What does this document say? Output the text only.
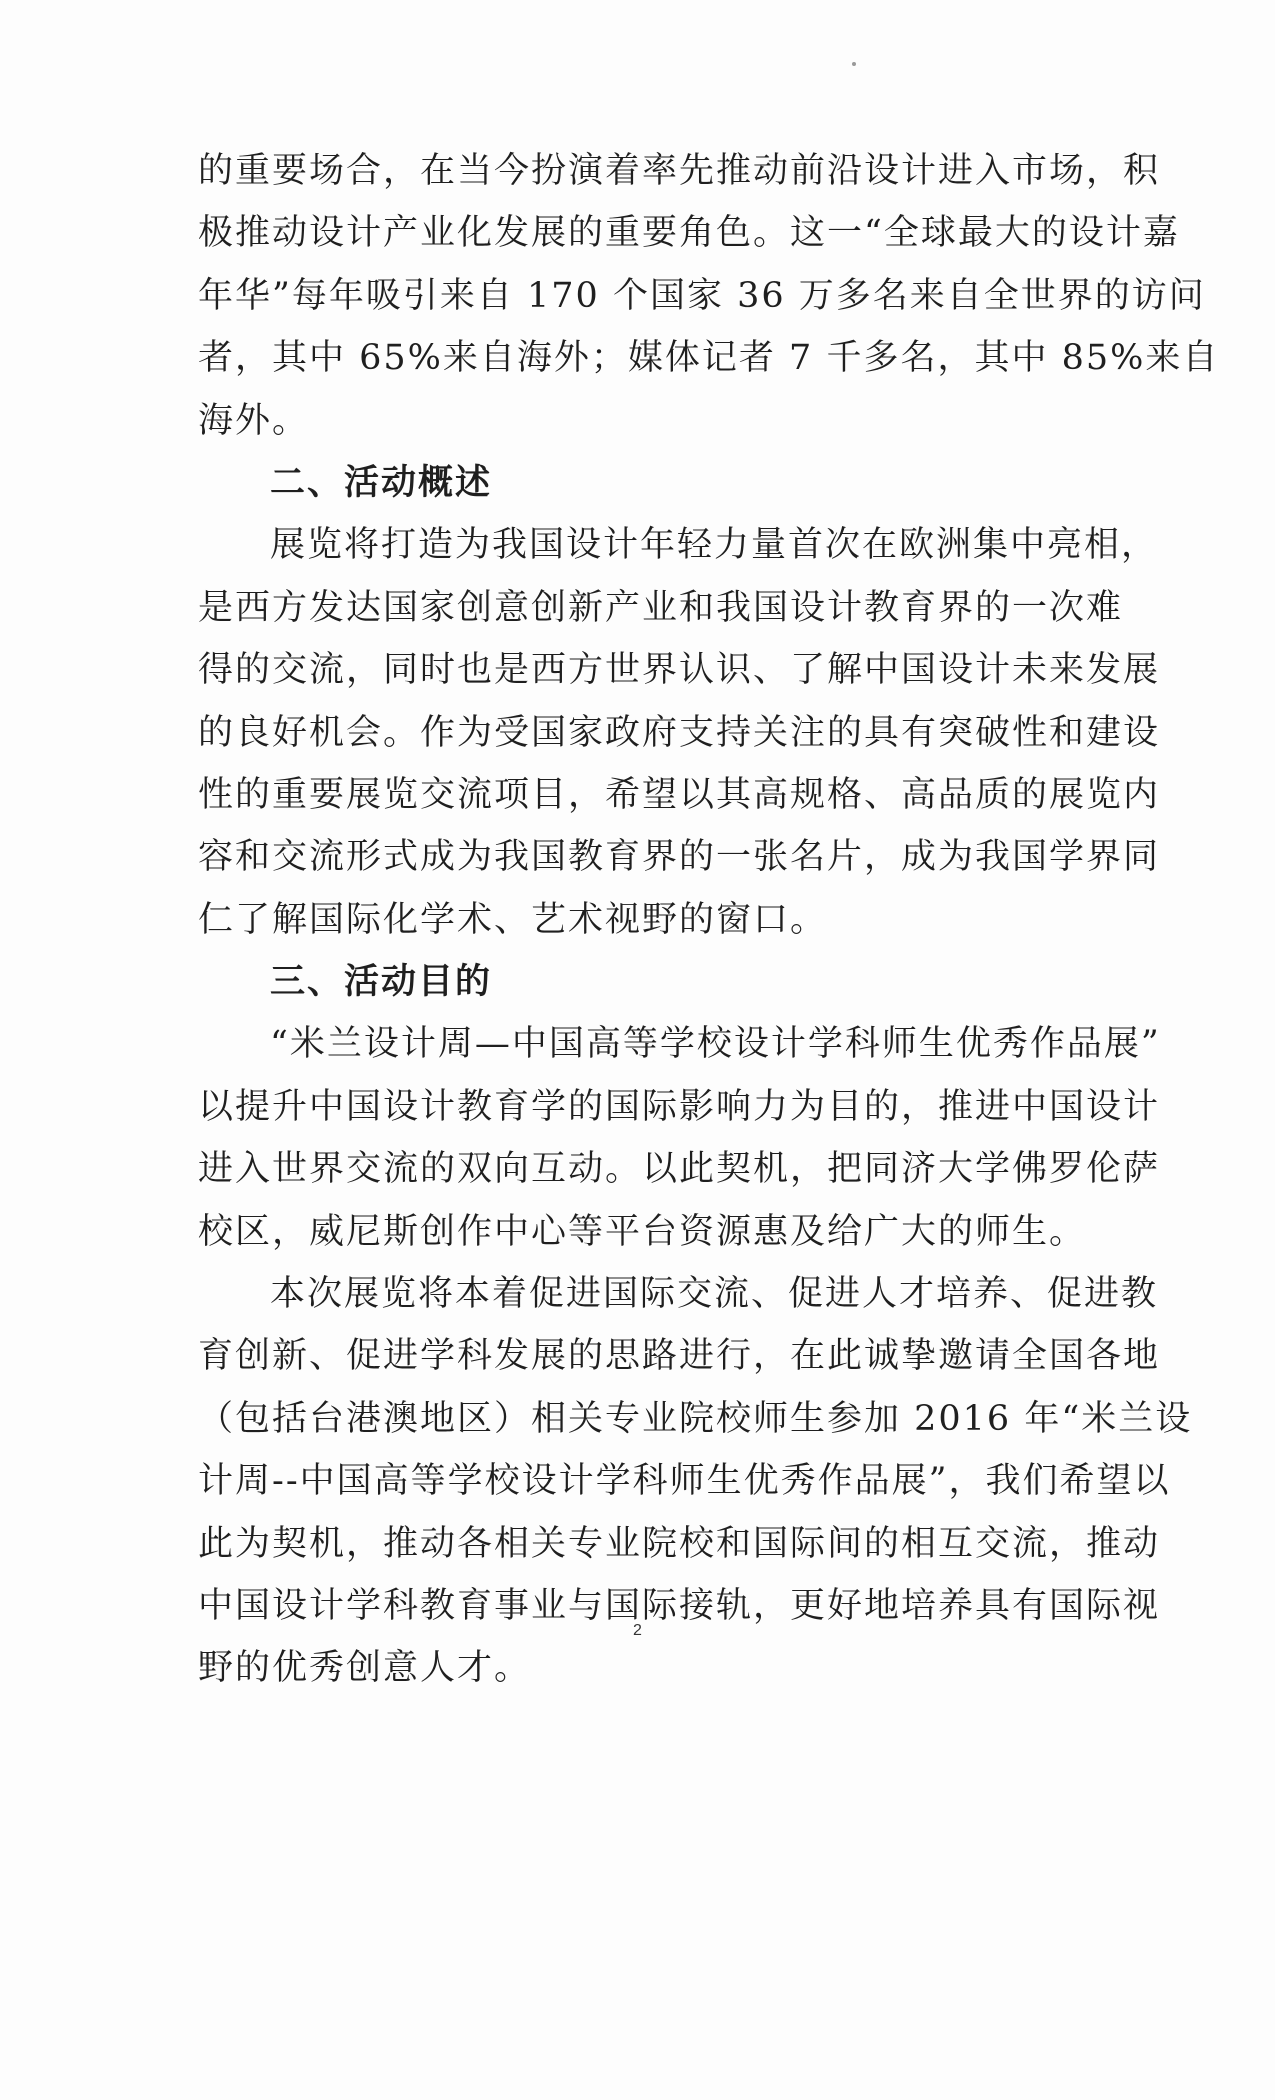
的重要场合，在当今扮演着率先推动前沿设计进入市场，积
极推动设计产业化发展的重要角色。这一“全球最大的设计嘉
年华”每年吸引来自 170 个国家 36 万多名来自全世界的访问
者，其中 65%来自海外；媒体记者 7 千多名，其中 85%来自
海外。
二、活动概述
展览将打造为我国设计年轻力量首次在欧洲集中亮相，
是西方发达国家创意创新产业和我国设计教育界的一次难
得的交流，同时也是西方世界认识、了解中国设计未来发展
的良好机会。作为受国家政府支持关注的具有突破性和建设
性的重要展览交流项目，希望以其高规格、高品质的展览内
容和交流形式成为我国教育界的一张名片，成为我国学界同
仁了解国际化学术、艺术视野的窗口。
三、活动目的
“米兰设计周—中国高等学校设计学科师生优秀作品展”
以提升中国设计教育学的国际影响力为目的，推进中国设计
进入世界交流的双向互动。以此契机，把同济大学佛罗伦萨
校区，威尼斯创作中心等平台资源惠及给广大的师生。
本次展览将本着促进国际交流、促进人才培养、促进教
育创新、促进学科发展的思路进行，在此诚挚邀请全国各地
（包括台港澳地区）相关专业院校师生参加 2016 年“米兰设
计周--中国高等学校设计学科师生优秀作品展”，我们希望以
此为契机，推动各相关专业院校和国际间的相互交流，推动
中国设计学科教育事业与国际接轨，更好地培养具有国际视
野的优秀创意人才。
2
